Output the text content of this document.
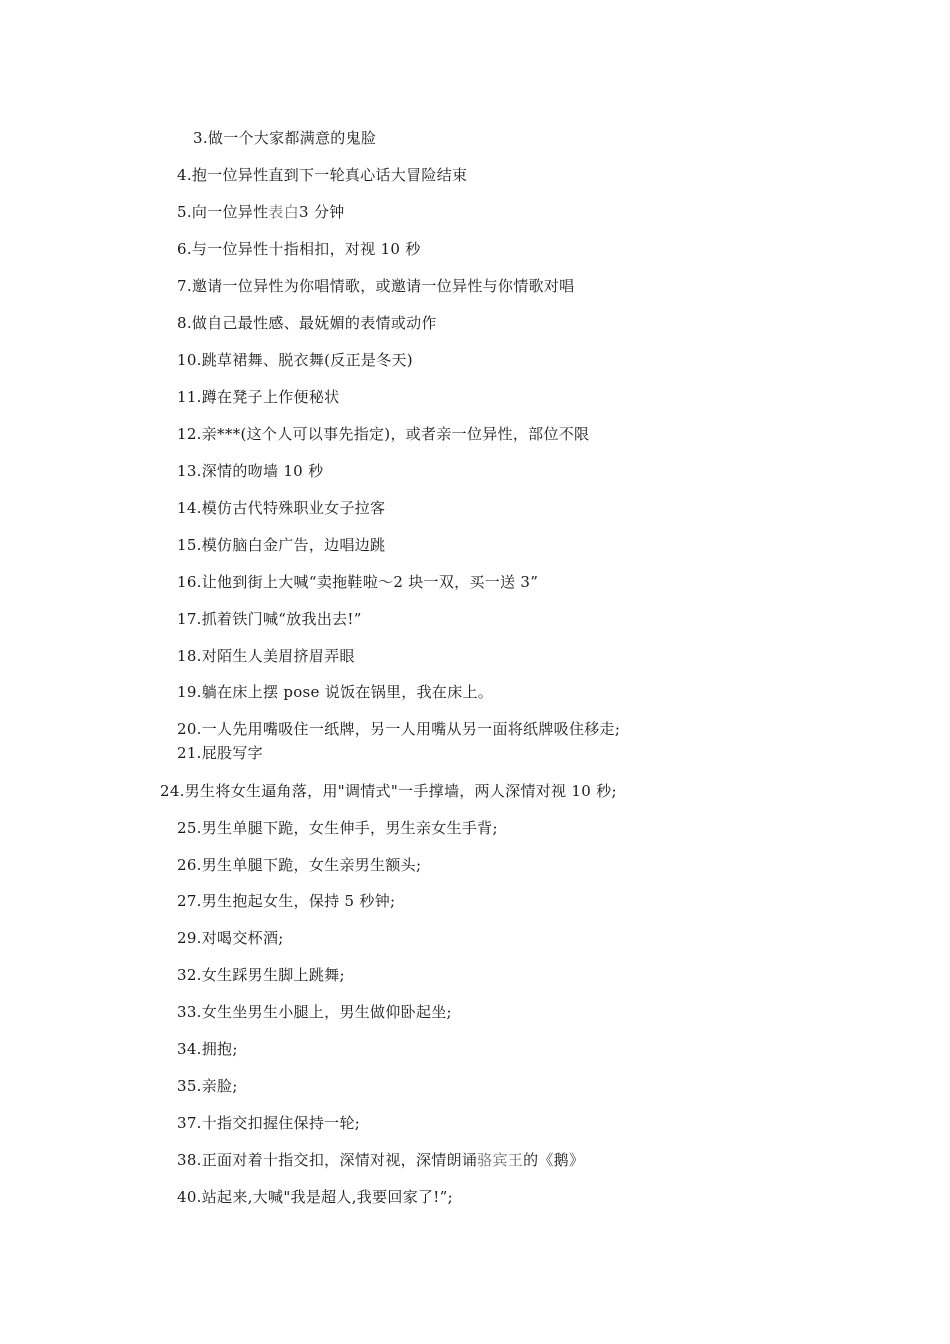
3.做一个大家都满意的鬼脸
4.抱一位异性直到下一轮真心话大冒险结束
5.向一位异性表白3 分钟
6.与一位异性十指相扣，对视 10 秒
7.邀请一位异性为你唱情歌，或邀请一位异性与你情歌对唱
8.做自己最性感、最妩媚的表情或动作
10.跳草裙舞、脱衣舞(反正是冬天)
11.蹲在凳子上作便秘状
12.亲***(这个人可以事先指定)，或者亲一位异性，部位不限
13.深情的吻墙 10 秒
14.模仿古代特殊职业女子拉客
15.模仿脑白金广告，边唱边跳
16.让他到街上大喊“卖拖鞋啦～2 块一双，买一送 3”
17.抓着铁门喊“放我出去!”
18.对陌生人美眉挤眉弄眼
19.躺在床上摆 pose 说饭在锅里，我在床上。
20.一人先用嘴吸住一纸牌，另一人用嘴从另一面将纸牌吸住移走;
21.屁股写字
24.男生将女生逼角落，用"调情式"一手撑墙，两人深情对视 10 秒;
25.男生单腿下跪，女生伸手，男生亲女生手背;
26.男生单腿下跪，女生亲男生额头;
27.男生抱起女生，保持 5 秒钟;
29.对喝交杯酒;
32.女生踩男生脚上跳舞;
33.女生坐男生小腿上，男生做仰卧起坐;
34.拥抱;
35.亲脸;
37.十指交扣握住保持一轮;
38.正面对着十指交扣，深情对视，深情朗诵骆宾王的《鹅》
40.站起来,大喊"我是超人,我要回家了!”;
